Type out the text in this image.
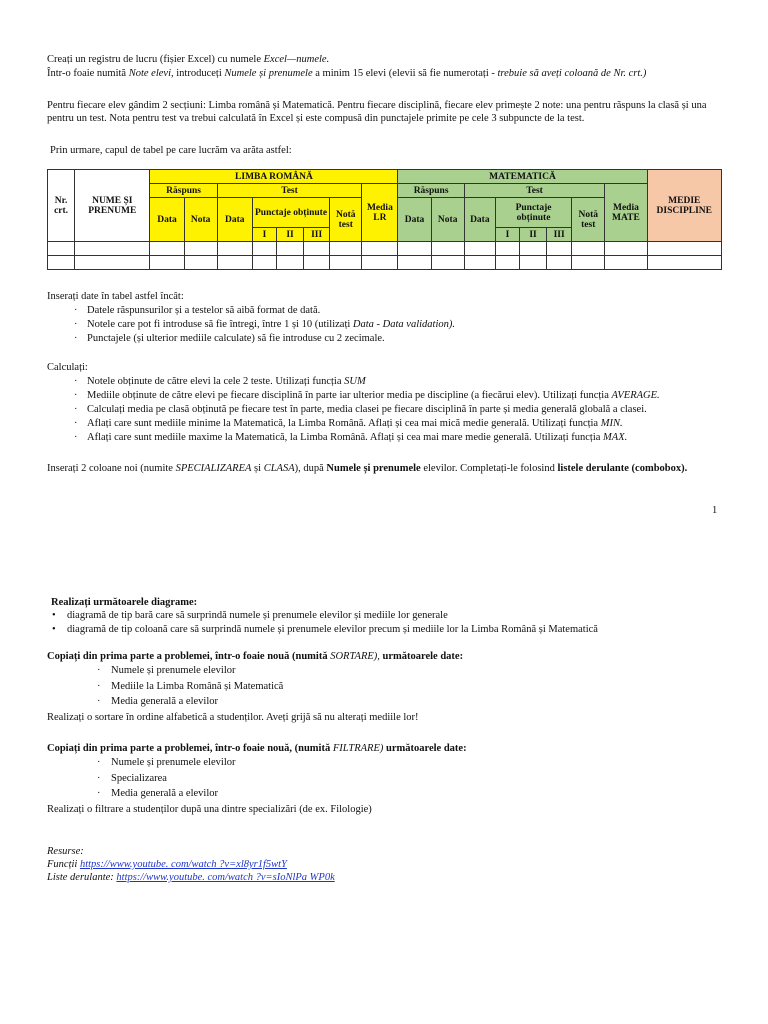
Creați un registru de lucru (fișier Excel) cu numele Excel—numele.

Într-o foaie numită Note elevi, introduceți Numele și prenumele a minim 15 elevi (elevii să fie numerotați - trebuie să aveți coloană de Nr. crt.)

Pentru fiecare elev gândim 2 secțiuni: Limba română și Matematică. Pentru fiecare disciplină, fiecare elev primește 2 note: una pentru răspuns la clasă și una pentru un test. Nota pentru test va trebui calculată în Excel și este compusă din punctajele primite pe cele 3 subpuncte de la test.

Prin urmare, capul de tabel pe care lucrăm va arăta astfel:

Nr. crt.	NUME ȘI PRENUME	LIMBA ROMÂNĂ								MATEMATICĂ								MEDIE DISCIPLINE
		Răspuns		Test					Media LR	Răspuns		Test					Media MATE	
		Data	Nota	Data	Punctaje obținute			Notă test		Data	Nota	Data	Punctaje obținute			Notă test		
					I	II	III						I	II	III			

Inserați date în tabel astfel încât:

· Datele răspunsurilor și a testelor să aibă format de dată.
· Notele care pot fi introduse să fie întregi, între 1 și 10 (utilizați Data - Data validation).
· Punctajele (și ulterior mediile calculate) să fie introduse cu 2 zecimale.

Calculați:

· Notele obținute de către elevi la cele 2 teste. Utilizați funcția SUM
· Mediile obținute de către elevi pe fiecare disciplină în parte iar ulterior media pe discipline (a fiecărui elev). Utilizați funcția AVERAGE.
· Calculați media pe clasă obținută pe fiecare test în parte, media clasei pe fiecare disciplină în parte și media generală globală a clasei.
· Aflați care sunt mediile minime la Matematică, la Limba Română. Aflați și cea mai mică medie generală. Utilizați funcția MIN.
· Aflați care sunt mediile maxime la Matematică, la Limba Română. Aflați și cea mai mare medie generală. Utilizați funcția MAX.

Inserați 2 coloane noi (numite SPECIALIZAREA și CLASA), după Numele și prenumele elevilor. Completați-le folosind listele derulante (combobox).

1

Realizați următoarele diagrame:

• diagramă de tip bară care să surprindă numele și prenumele elevilor și mediile lor generale
• diagramă de tip coloană care să surprindă numele și prenumele elevilor precum și mediile lor la Limba Română și Matematică

Copiați din prima parte a problemei, într-o foaie nouă (numită SORTARE), următoarele date:

· Numele și prenumele elevilor
· Mediile la Limba Română și Matematică
· Media generală a elevilor

Realizați o sortare în ordine alfabetică a studenților. Aveți grijă să nu alterați mediile lor!

Copiați din prima parte a problemei, într-o foaie nouă, (numită FILTRARE) următoarele date:

· Numele și prenumele elevilor
· Specializarea
· Media generală a elevilor

Realizați o filtrare a studenților după una dintre specializări (de ex. Filologie)

Resurse:

Funcții https://www.youtube. com/watch ?v=xl8yr1f5wtY

Liste derulante: https://www.youtube. com/watch ?v=sIoNlPa WP0k
